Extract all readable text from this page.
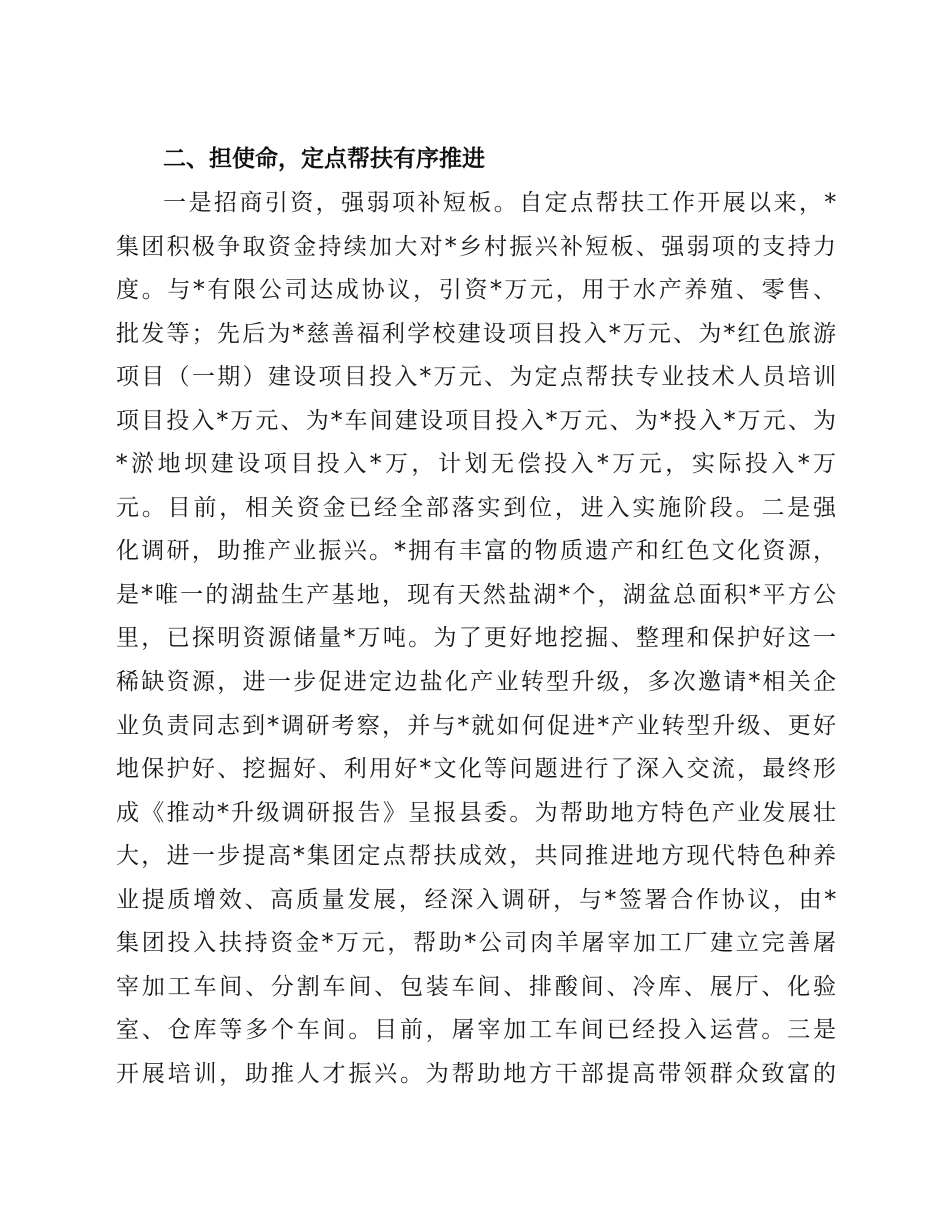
二、担使命，定点帮扶有序推进
一是招商引资，强弱项补短板。自定点帮扶工作开展以来，*
集团积极争取资金持续加大对*乡村振兴补短板、强弱项的支持力
度。与*有限公司达成协议，引资*万元，用于水产养殖、零售、
批发等；先后为*慈善福利学校建设项目投入*万元、为*红色旅游
项目（一期）建设项目投入*万元、为定点帮扶专业技术人员培训
项目投入*万元、为*车间建设项目投入*万元、为*投入*万元、为
*淤地坝建设项目投入*万，计划无偿投入*万元，实际投入*万
元。目前，相关资金已经全部落实到位，进入实施阶段。二是强
化调研，助推产业振兴。*拥有丰富的物质遗产和红色文化资源，
是*唯一的湖盐生产基地，现有天然盐湖*个，湖盆总面积*平方公
里，已探明资源储量*万吨。为了更好地挖掘、整理和保护好这一
稀缺资源，进一步促进定边盐化产业转型升级，多次邀请*相关企
业负责同志到*调研考察，并与*就如何促进*产业转型升级、更好
地保护好、挖掘好、利用好*文化等问题进行了深入交流，最终形
成《推动*升级调研报告》呈报县委。为帮助地方特色产业发展壮
大，进一步提高*集团定点帮扶成效，共同推进地方现代特色种养
业提质增效、高质量发展，经深入调研，与*签署合作协议，由*
集团投入扶持资金*万元，帮助*公司肉羊屠宰加工厂建立完善屠
宰加工车间、分割车间、包装车间、排酸间、冷库、展厅、化验
室、仓库等多个车间。目前，屠宰加工车间已经投入运营。三是
开展培训，助推人才振兴。为帮助地方干部提高带领群众致富的
